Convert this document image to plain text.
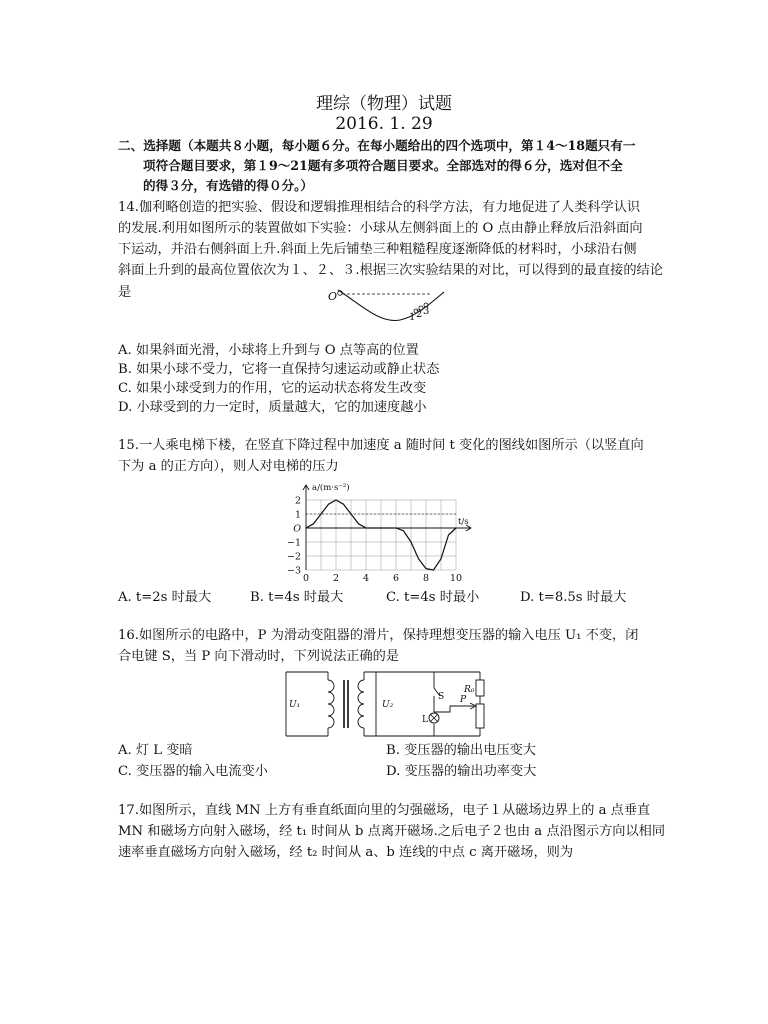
理综（物理）试题
2016. 1. 29
二、选择题（本题共８小题，每小题６分。在每小题给出的四个选项中，第１4～18题只有一
项符合题目要求，第１9～21题有多项符合题目要求。全部选对的得６分，选对但不全
的得３分，有选错的得０分。）
14.伽利略创造的把实验、假设和逻辑推理相结合的科学方法，有力地促进了人类科学认识
的发展.利用如图所示的装置做如下实验：小球从左侧斜面上的 O 点由静止释放后沿斜面向
下运动，并沿右侧斜面上升.斜面上先后铺垫三种粗糙程度逐渐降低的材料时，小球沿右侧
斜面上升到的最高位置依次为１、２、３.根据三次实验结果的对比，可以得到的最直接的结论
是	O
1 2 3
A. 如果斜面光滑，小球将上升到与 O 点等高的位置
B. 如果小球不受力，它将一直保持匀速运动或静止状态
C. 如果小球受到力的作用，它的运动状态将发生改变
D. 小球受到的力一定时，质量越大，它的加速度越小
15.一人乘电梯下楼，在竖直下降过程中加速度 a 随时间 t 变化的图线如图所示（以竖直向
下为 a 的正方向），则人对电梯的压力
0	2	4	6	8 10
2
1
O
−1
−2
−3
a/(m·s⁻²)
t/s
A. t=2s 时最大	B. t=4s 时最大	C. t=4s 时最小	D. t=8.5s 时最大
16.如图所示的电路中，P 为滑动变阻器的滑片，保持理想变压器的输入电压 U₁ 不变，闭
合电键 S，当 P 向下滑动时，下列说法正确的是
U₁	U₂
S
L
R₀
P
A. 灯 L 变暗	B. 变压器的输出电压变大
C. 变压器的输入电流变小	D. 变压器的输出功率变大
17.如图所示，直线 MN 上方有垂直纸面向里的匀强磁场，电子１从磁场边界上的 a 点垂直
MN 和磁场方向射入磁场，经 t₁ 时间从 b 点离开磁场.之后电子２也由 a 点沿图示方向以相同
速率垂直磁场方向射入磁场，经 t₂ 时间从 a、b 连线的中点 c 离开磁场，则为
